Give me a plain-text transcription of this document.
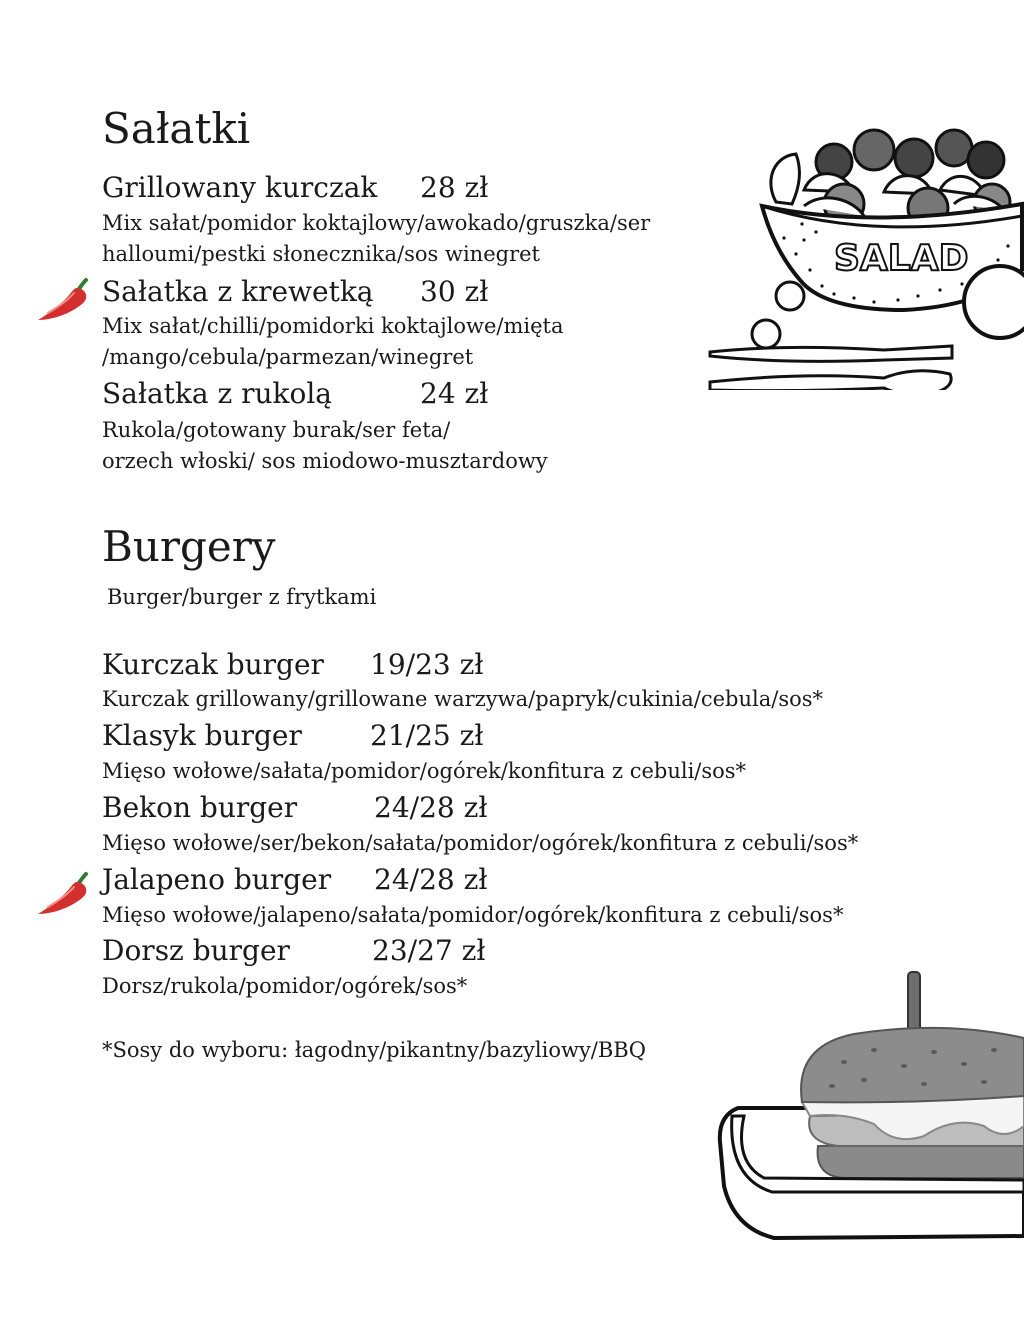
Sałatki
Grillowany kurczak 28 zł
Mix sałat/pomidor koktajlowy/awokado/gruszka/ser
halloumi/pestki słonecznika/sos winegret
Sałatka z krewetką 30 zł
Mix sałat/chilli/pomidorki koktajlowe/mięta
/mango/cebula/parmezan/winegret
Sałatka z rukolą	24 zł
Rukola/gotowany burak/ser feta/
orzech włoski/ sos miodowo-musztardowy
SALAD
Burgery
Burger/burger z frytkami
Kurczak burger 19/23 zł
Kurczak grillowany/grillowane warzywa/papryk/cukinia/cebula/sos*
Klasyk burger 21/25 zł
Mięso wołowe/sałata/pomidor/ogórek/konfitura z cebuli/sos*
Bekon burger	24/28 zł
Mięso wołowe/ser/bekon/sałata/pomidor/ogórek/konfitura z cebuli/sos*
Jalapeno burger 24/28 zł
Mięso wołowe/jalapeno/sałata/pomidor/ogórek/konfitura z cebuli/sos*
Dorsz burger	23/27 zł
Dorsz/rukola/pomidor/ogórek/sos*
*Sosy do wyboru: łagodny/pikantny/bazyliowy/BBQ
